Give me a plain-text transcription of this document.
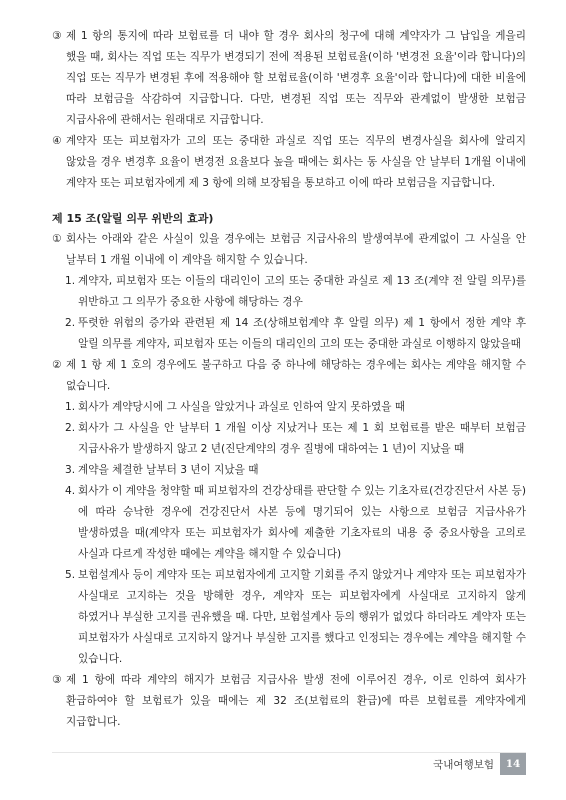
③ 제 1 항의 통지에 따라 보험료를 더 내야 할 경우 회사의 청구에 대해 계약자가 그 납입을 게을리 했을 때, 회사는 직업 또는 직무가 변경되기 전에 적용된 보험료율(이하 '변경전 요율'이라 합니다)의 직업 또는 직무가 변경된 후에 적용해야 할 보험료율(이하 '변경후 요율'이라 합니다)에 대한 비율에 따라 보험금을 삭감하여 지급합니다. 다만, 변경된 직업 또는 직무와 관계없이 발생한 보험금 지급사유에 관해서는 원래대로 지급합니다.
④ 계약자 또는 피보험자가 고의 또는 중대한 과실로 직업 또는 직무의 변경사실을 회사에 알리지 않았을 경우 변경후 요율이 변경전 요율보다 높을 때에는 회사는 동 사실을 안 날부터 1개월 이내에 계약자 또는 피보험자에게 제 3 항에 의해 보장됨을 통보하고 이에 따라 보험금을 지급합니다.
제 15 조(알릴 의무 위반의 효과)
① 회사는 아래와 같은 사실이 있을 경우에는 보험금 지급사유의 발생여부에 관계없이 그 사실을 안 날부터 1 개월 이내에 이 계약을 해지할 수 있습니다.
1. 계약자, 피보험자 또는 이들의 대리인이 고의 또는 중대한 과실로 제 13 조(계약 전 알릴 의무)를 위반하고 그 의무가 중요한 사항에 해당하는 경우
2. 뚜렷한 위험의 증가와 관련된 제 14 조(상해보험계약 후 알릴 의무) 제 1 항에서 정한 계약 후 알릴 의무를 계약자, 피보험자 또는 이들의 대리인의 고의 또는 중대한 과실로 이행하지 않았을때
② 제 1 항 제 1 호의 경우에도 불구하고 다음 중 하나에 해당하는 경우에는 회사는 계약을 해지할 수 없습니다.
1. 회사가 계약당시에 그 사실을 알았거나 과실로 인하여 알지 못하였을 때
2. 회사가 그 사실을 안 날부터 1 개월 이상 지났거나 또는 제 1 회 보험료를 받은 때부터 보험금 지급사유가 발생하지 않고 2 년(진단계약의 경우 질병에 대하여는 1 년)이 지났을 때
3. 계약을 체결한 날부터 3 년이 지났을 때
4. 회사가 이 계약을 청약할 때 피보험자의 건강상태를 판단할 수 있는 기초자료(건강진단서 사본 등)에 따라 승낙한 경우에 건강진단서 사본 등에 명기되어 있는 사항으로 보험금 지급사유가 발생하였을 때(계약자 또는 피보험자가 회사에 제출한 기초자료의 내용 중 중요사항을 고의로 사실과 다르게 작성한 때에는 계약을 해지할 수 있습니다)
5. 보험설계사 등이 계약자 또는 피보험자에게 고지할 기회를 주지 않았거나 계약자 또는 피보험자가 사실대로 고지하는 것을 방해한 경우, 계약자 또는 피보험자에게 사실대로 고지하지 않게 하였거나 부실한 고지를 권유했을 때. 다만, 보험설계사 등의 행위가 없었다 하더라도 계약자 또는 피보험자가 사실대로 고지하지 않거나 부실한 고지를 했다고 인정되는 경우에는 계약을 해지할 수 있습니다.
③ 제 1 항에 따라 계약의 해지가 보험금 지급사유 발생 전에 이루어진 경우, 이로 인하여 회사가 환급하여야 할 보험료가 있을 때에는 제 32 조(보험료의 환급)에 따른 보험료를 계약자에게 지급합니다.
국내여행보험	14
